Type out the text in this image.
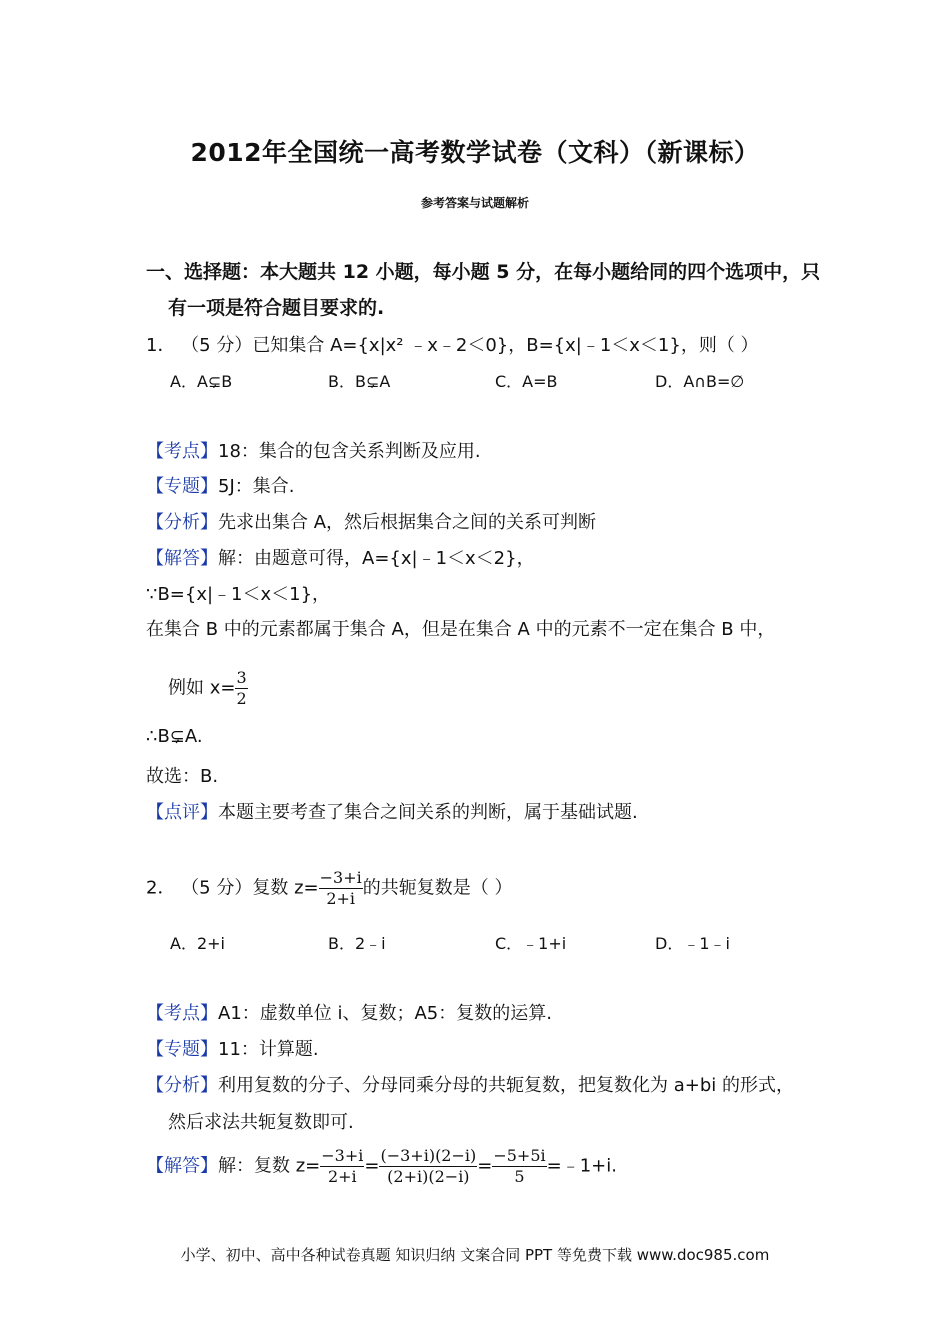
2012年全国统一高考数学试卷（文科）（新课标）
参考答案与试题解析
一、选择题：本大题共 12 小题，每小题 5 分，在每小题给同的四个选项中，只
有一项是符合题目要求的.
1． （5 分）已知集合 A={x|x² ﹣x﹣2＜0}，B={x|﹣1＜x＜1}，则（ ）
A．A⊊B	B．B⊊A	C．A=B	D．A∩B=∅
【考点】18：集合的包含关系判断及应用.
【专题】5J：集合.
【分析】先求出集合 A，然后根据集合之间的关系可判断
【解答】解：由题意可得，A={x|﹣1＜x＜2}，
∵B={x|﹣1＜x＜1}，
在集合 B 中的元素都属于集合 A，但是在集合 A 中的元素不一定在集合 B 中，
例如 $x= \frac{3}{2}$
∴B⊊A.
故选：B.
【点评】本题主要考查了集合之间关系的判断，属于基础试题.
2． （5 分）复数 $z= \frac{-3+i}{2+i}$ 的共轭复数是（ ）
A．2+i	B．2﹣i	C．﹣1+i	D．﹣1﹣i
【考点】A1：虚数单位 i、复数；A5：复数的运算.
【专题】11：计算题.
【分析】利用复数的分子、分母同乘分母的共轭复数，把复数化为 a+bi 的形式，
然后求法共轭复数即可.
【解答】解：复数 $z= \frac{-3+i}{2+i} = \frac{(-3+i)(2-i)}{(2+i)(2-i)} = \frac{-5+5i}{5}$ =﹣1+i.
小学、初中、高中各种试卷真题 知识归纳 文案合同 PPT 等免费下载 www.doc985.com
